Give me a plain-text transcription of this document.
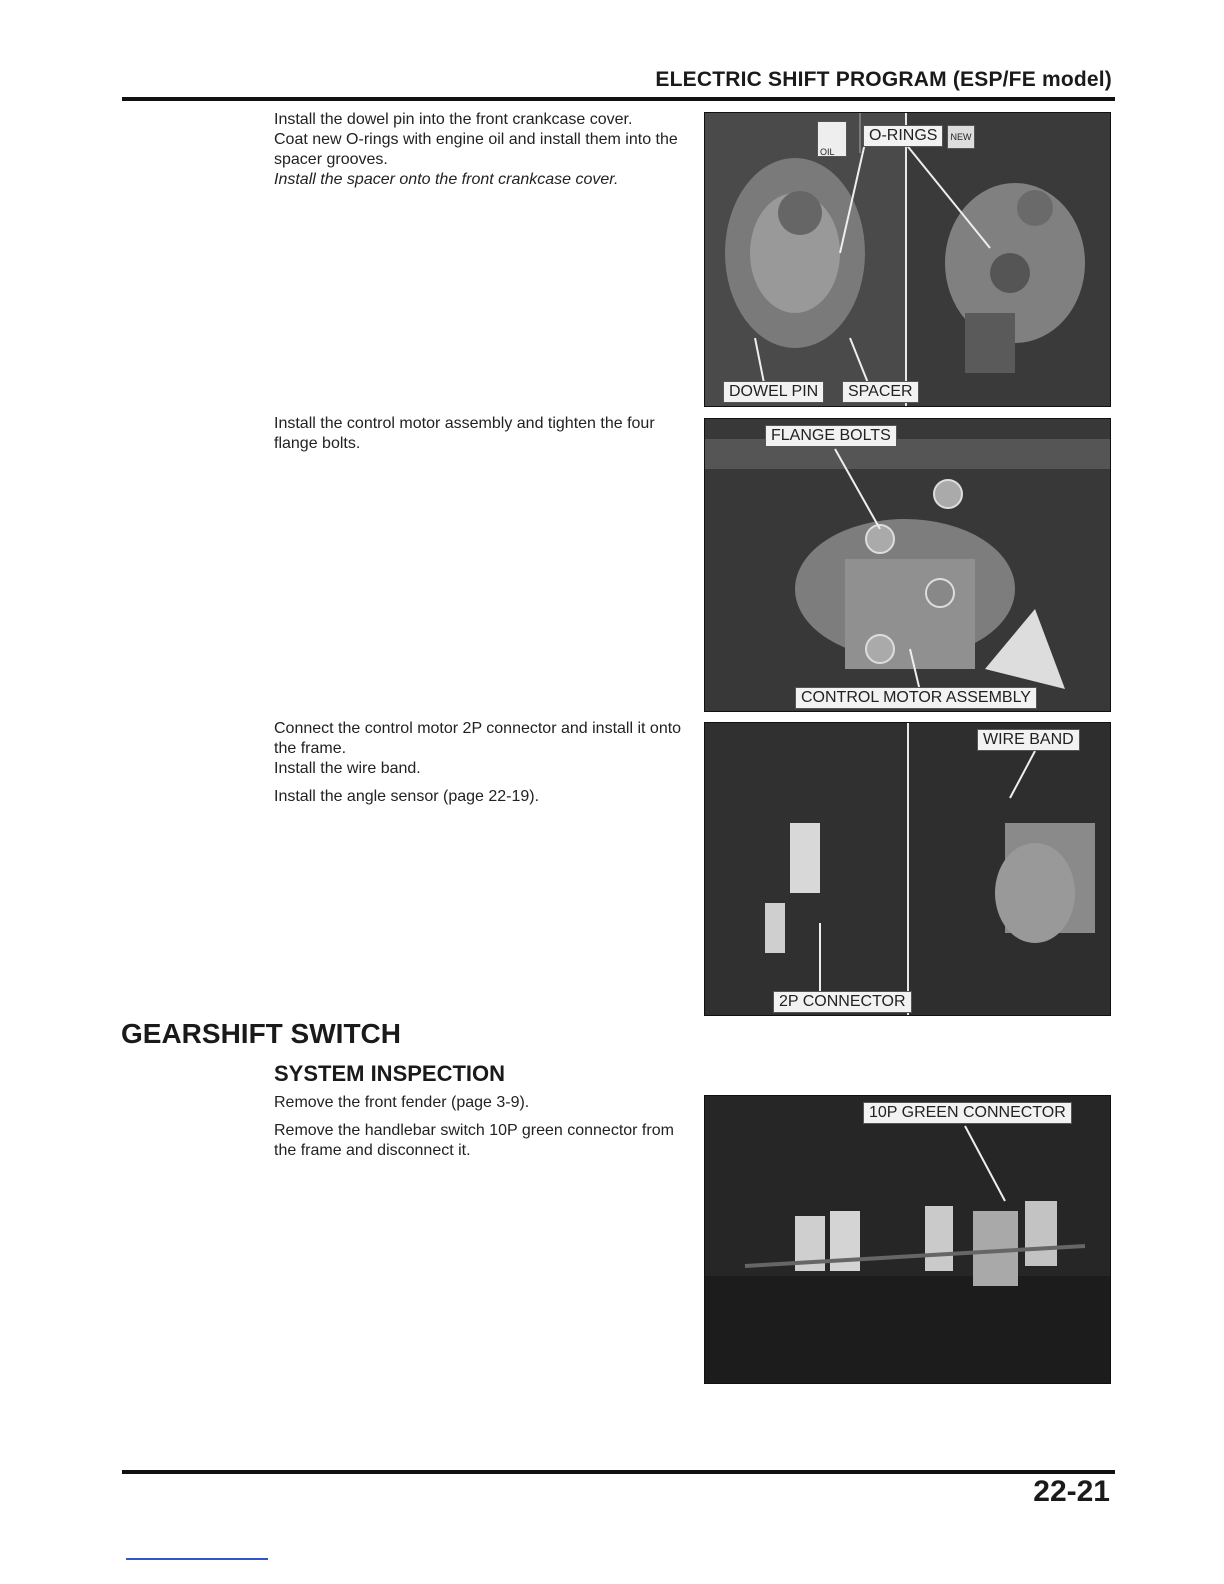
ELECTRIC SHIFT PROGRAM (ESP/FE model)

Install the dowel pin into the front crankcase cover.

Coat new O-rings with engine oil and install them into the spacer grooves.

Install the spacer onto the front crankcase cover.

OIL
O-RINGS	NEW
DOWEL PIN	SPACER

Install the control motor assembly and tighten the four flange bolts.	FLANGE BOLTS
CONTROL MOTOR ASSEMBLY

Connect the control motor 2P connector and install it onto the frame.

Install the wire band.

Install the angle sensor (page 22-19).

WIRE BAND
2P CONNECTOR
GEARSHIFT SWITCH
SYSTEM INSPECTION

Remove the front fender (page 3-9).

Remove the handlebar switch 10P green connector from the frame and disconnect it.

10P GREEN CONNECTOR
22-21
